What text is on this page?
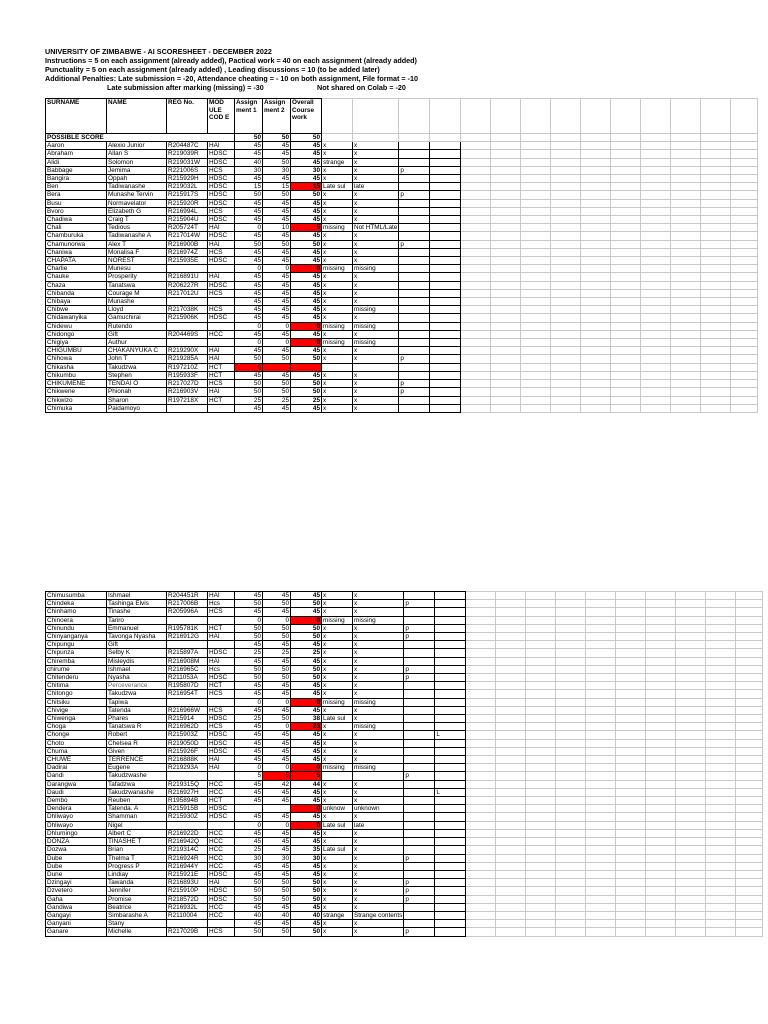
UNIVERSITY OF ZIMBABWE - AI SCORESHEET - DECEMBER 2022
Instructions = 5 on each assignment (already added), Pactical work = 40 on each assignment (already added)
Punctuality = 5 on each assignment (already added) , Leading discussions = 10 (to be added later)
Additional Penalties: Late submission = -20, Attendance cheating = - 10 on both assignment, File format = -10
Late submission after marking (missing) = -30	Not shared on Colab = -20
SURNAME	NAME	REG No.	MOD ULE COD E	Assign ment 1	Assign ment 2	Overall Course work														
POSSIBLE SCORE				50	50	50														
Aaron	Alexio Junior	R204487C	HAI	45	45	45	x	x												
Abraham	Allan S	R219039R	HDSC	45	45	45	x	x												
Alidi	Solomon	R219031W	HDSC	40	50	45	strange	x												
Babbage	Jemima	R221006S	HCS	30	30	30	x	x	p											
Bangira	Oppah	R215929H	HDSC	45	45	45	x	x												
Ben	Tadiwanashe	R219032L	HDSC	15	15	15	Late sul	late												
Bera	Munashe Tervin	R215917S	HDSC	50	50	50	x	x	p											
Busu	Normavelator	R215920R	HDSC	45	45	45	x	x												
Bvoro	Elizabeth G	R216994L	HCS	45	45	45	x	x												
Chadiwa	Craig T	R215904U	HDSC	45	45	45	x	x												
Chali	Tedious	R205724T	HAI	0	10	5	missing	Not HTML/Late												
Chamburuka	Tadiwanashe A	R217014W	HDSC	45	45	45	x	x												
Chamunorwa	Alex T	R216900B	HAI	50	50	50	x	x	p											
Chaniwa	Monalisa F	R216974Z	HCS	45	45	45	x	x												
CHAPATA	NOREST	R215935E	HDSC	45	45	45	x	x												
Charlie	Munesu			0	0	0	missing	missing												
Chauke	Prosperity	R216891U	HAI	45	45	45	x	x												
Chaza	Tanatswa	R206227R	HDSC	45	45	45	x	x												
Chibanda	Courage M	R217012U	HCS	45	45	45	x	x												
Chibaya	Munashe			45	45	45	x	x												
Chibwe	Lloyd	R217038K	HCS	45	45	45	x	missing												
Chidawanyika	Gamuchirai	R215906K	HDSC	45	45	45	x	x												
Chidewu	Rutendo			0	0	0	missing	missing												
Chidongo	Gift	R204469S	HCC	45	45	45	x	x												
Chigiya	Authur			0	0	0	missing	missing												
CHIGUMBU	CHAKANYUKA C	R219290X	HAI	45	45	45	x	x												
Chihowa	John T	R219285A	HAI	50	50	50	x	x	p											
Chikasha	Takudzwa	R197210Z	HCT	0																
Chikumbu	Stephen	R195933F	HCT	45	45	45	x	x												
CHIKUMENE	TENDAI O	R217027D	HCS	50	50	50	x	x	p											
Chikwene	Phionah	R216903V	HAI	50	50	50	x	x	p											
Chikwizo	Sharon	R197218X	HCT	25	25	25	x	x												
Chimuka	Paidamoyo			45	45	45	x	x												
Chimusumba	Ishmael	R204451R	HAI	45	45	45	x	x												
Chindeka	Tashinga Elvis	R217006B	Hcs	50	50	50	x	x	p											
Chinhamo	Tinashe	R205996A	HCS	45	45	45	x	x												
Chinoera	Tariro			0	0	0	missing	missing												
Chinundu	Emmanuel	R195781K	HCT	50	50	50	x	x	p											
Chinyanganya	Tavonga Nyasha	R216912G	HAI	50	50	50	x	x	p											
Chipungu	Gift			45	45	45	x	x												
Chipunza	Selby K	R215897A	HDSC	25	25	25	x	x												
Chiremba	Misleydis	R216908M	HAI	45	45	45	x	x												
chirume	Ishmael	R216965C	Hcs	50	50	50	x	x	p											
Chitenderu	Nyasha	R211053A	HDSC	50	50	50	x	x	p											
Chitima	Perceverance	R195807D	HCT	45	45	45	x	x												
Chitongo	Takudzwa	R216954T	HCS	45	45	45	x	x												
Chitsiku	Tapiwa			0	0	0	missing	missing												
Chivige	Tatenda	R216966W	HCS	45	45	45	x	x												
Chiwenga	Phares	R215914	HDSC	25	50	38	Late sul	x												
Choga	Tanatswa R	R216962D	HCS	45	0	23	x	missing												
Chonge	Robert	R215903Z	HDSC	45	45	45	x	x		L										
Choto	Chelsea R	R219050D	HDSC	45	45	45	x	x												
Chuma	Given	R215926F	HDSC	45	45	45	x	x												
CHUWE	TERRENCE	R216888K	HAI	45	45	45	x	x												
Dadirai	Eugene	R219293A	HAI	0	0	0	missing	missing												
Dandi	Takudzwashe			5	5	5			p											
Darangwa	Tafadzwa	R219315Q	HCC	45	42	44	x	x												
Daudi	Takudzwanashe	R216927H	HCC	45	45	45	x	x		L										
Dembo	Reuben	R195894B	HCT	45	45	45	x	x												
Dendera	Tatenda. A	R215915B	HDSC			0	unknow	unknown												
Dhliwayo	Shamman	R215930Z	HDSC	45	45	45	x	x												
Dhliwayo	Nigel			0	0	0	Late sul	late												
Dhlumingo	Albert C	R216922D	HCC	45	45	45	x	x												
DONZA	TINASHE T	R216942Q	HCC	45	45	45	x	x												
Dozwa	Brian	R219314C	HCC	25	45	35	Late sul	x												
Dube	Thelma T	R216924R	HCC	30	30	30	x	x	p											
Dube	Progress P	R216944Y	HCC	45	45	45	x	x												
Dune	Lindiay	R215921E	HDSC	45	45	45	x	x												
Dzingayi	Tawanda	R216893U	HAI	50	50	50	x	x	p											
Dzvetero	Jennifer	R215910P	HDSC	50	50	50	x	x	p											
Gaha	Promise	R218572D	HDSC	50	50	50	x	x	p											
Gandiwa	Beatrice	R216932L	HCC	45	45	45	x	x												
Gangayi	Simbarashe A	R2110004	HCC	40	40	40	strange	Strange contents												
Ganyani	Stany			45	45	45	x	x												
Ganare	Michelle	R217029B	HCS	50	50	50	x	x	p											
